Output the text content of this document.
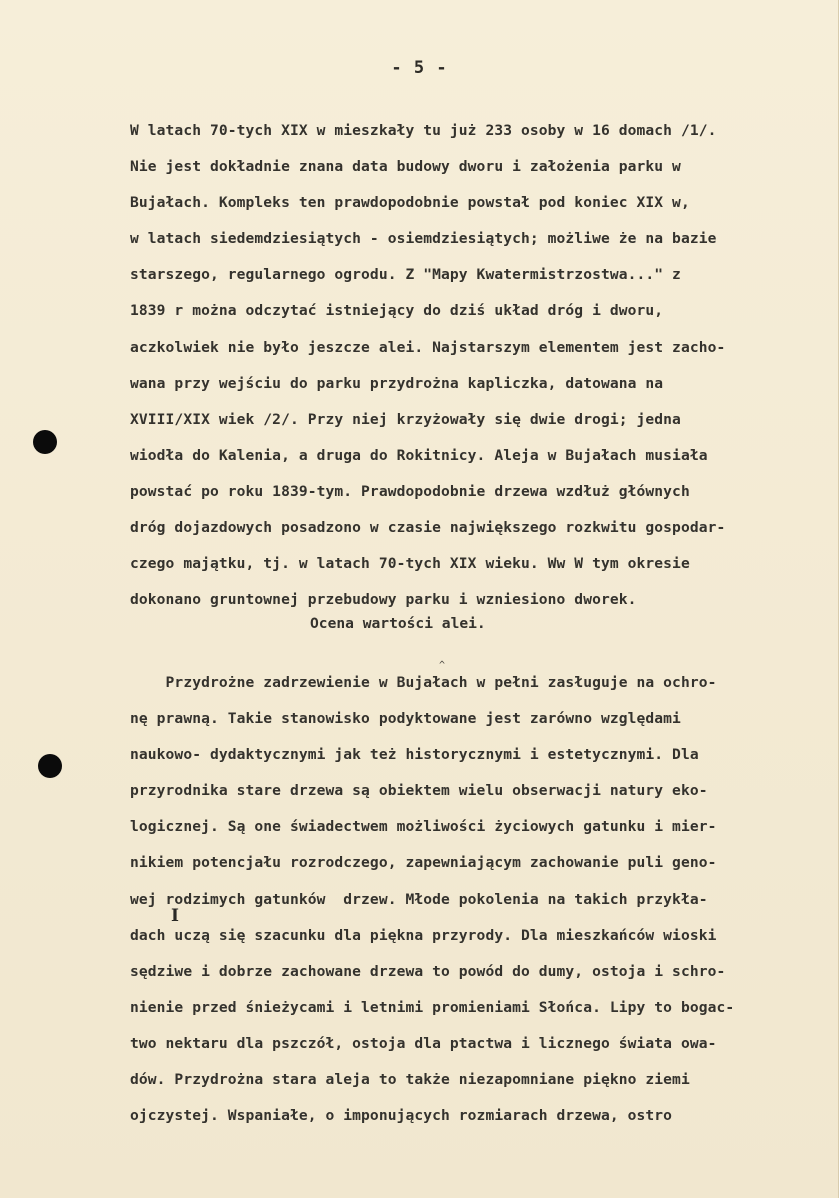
- 5 -
W latach 70-tych XIX w mieszkały tu już 233 osoby w 16 domach /1/.
Nie jest dokładnie znana data budowy dworu i założenia parku w
Bujałach. Kompleks ten prawdopodobnie powstał pod koniec XIX w,
w latach siedemdziesiątych - osiemdziesiątych; możliwe że na bazie
starszego, regularnego ogrodu. Z "Mapy Kwatermistrzostwa..." z
1839 r można odczytać istniejący do dziś układ dróg i dworu,
aczkolwiek nie było jeszcze alei. Najstarszym elementem jest zacho-
wana przy wejściu do parku przydrożna kapliczka, datowana na
XVIII/XIX wiek /2/. Przy niej krzyżowały się dwie drogi; jedna
wiodła do Kalenia, a druga do Rokitnicy. Aleja w Bujałach musiała
powstać po roku 1839-tym. Prawdopodobnie drzewa wzdłuż głównych
dróg dojazdowych posadzono w czasie największego rozkwitu gospodar-
czego majątku, tj. w latach 70-tych XIX wieku. Ww W tym okresie
dokonano gruntownej przebudowy parku i wzniesiono dworek.
Ocena wartości alei.
^
Przydrożne zadrzewienie w Bujałach w pełni zasługuje na ochro-
nę prawną. Takie stanowisko podyktowane jest zarówno względami
naukowo- dydaktycznymi jak też historycznymi i estetycznymi. Dla
przyrodnika stare drzewa są obiektem wielu obserwacji natury eko-
logicznej. Są one świadectwem możliwości życiowych gatunku i mier-
nikiem potencjału rozrodczego, zapewniającym zachowanie puli geno-
wej rodzimych gatunków  drzew. Młode pokolenia na takich przykła-
dach uczą się szacunku dla piękna przyrody. Dla mieszkańców wioski
sędziwe i dobrze zachowane drzewa to powód do dumy, ostoja i schro-
nienie przed śnieżycami i letnimi promieniami Słońca. Lipy to bogac-
two nektaru dla pszczół, ostoja dla ptactwa i licznego świata owa-
dów. Przydrożna stara aleja to także niezapomniane piękno ziemi
ojczystej. Wspaniałe, o imponujących rozmiarach drzewa, ostro
I
